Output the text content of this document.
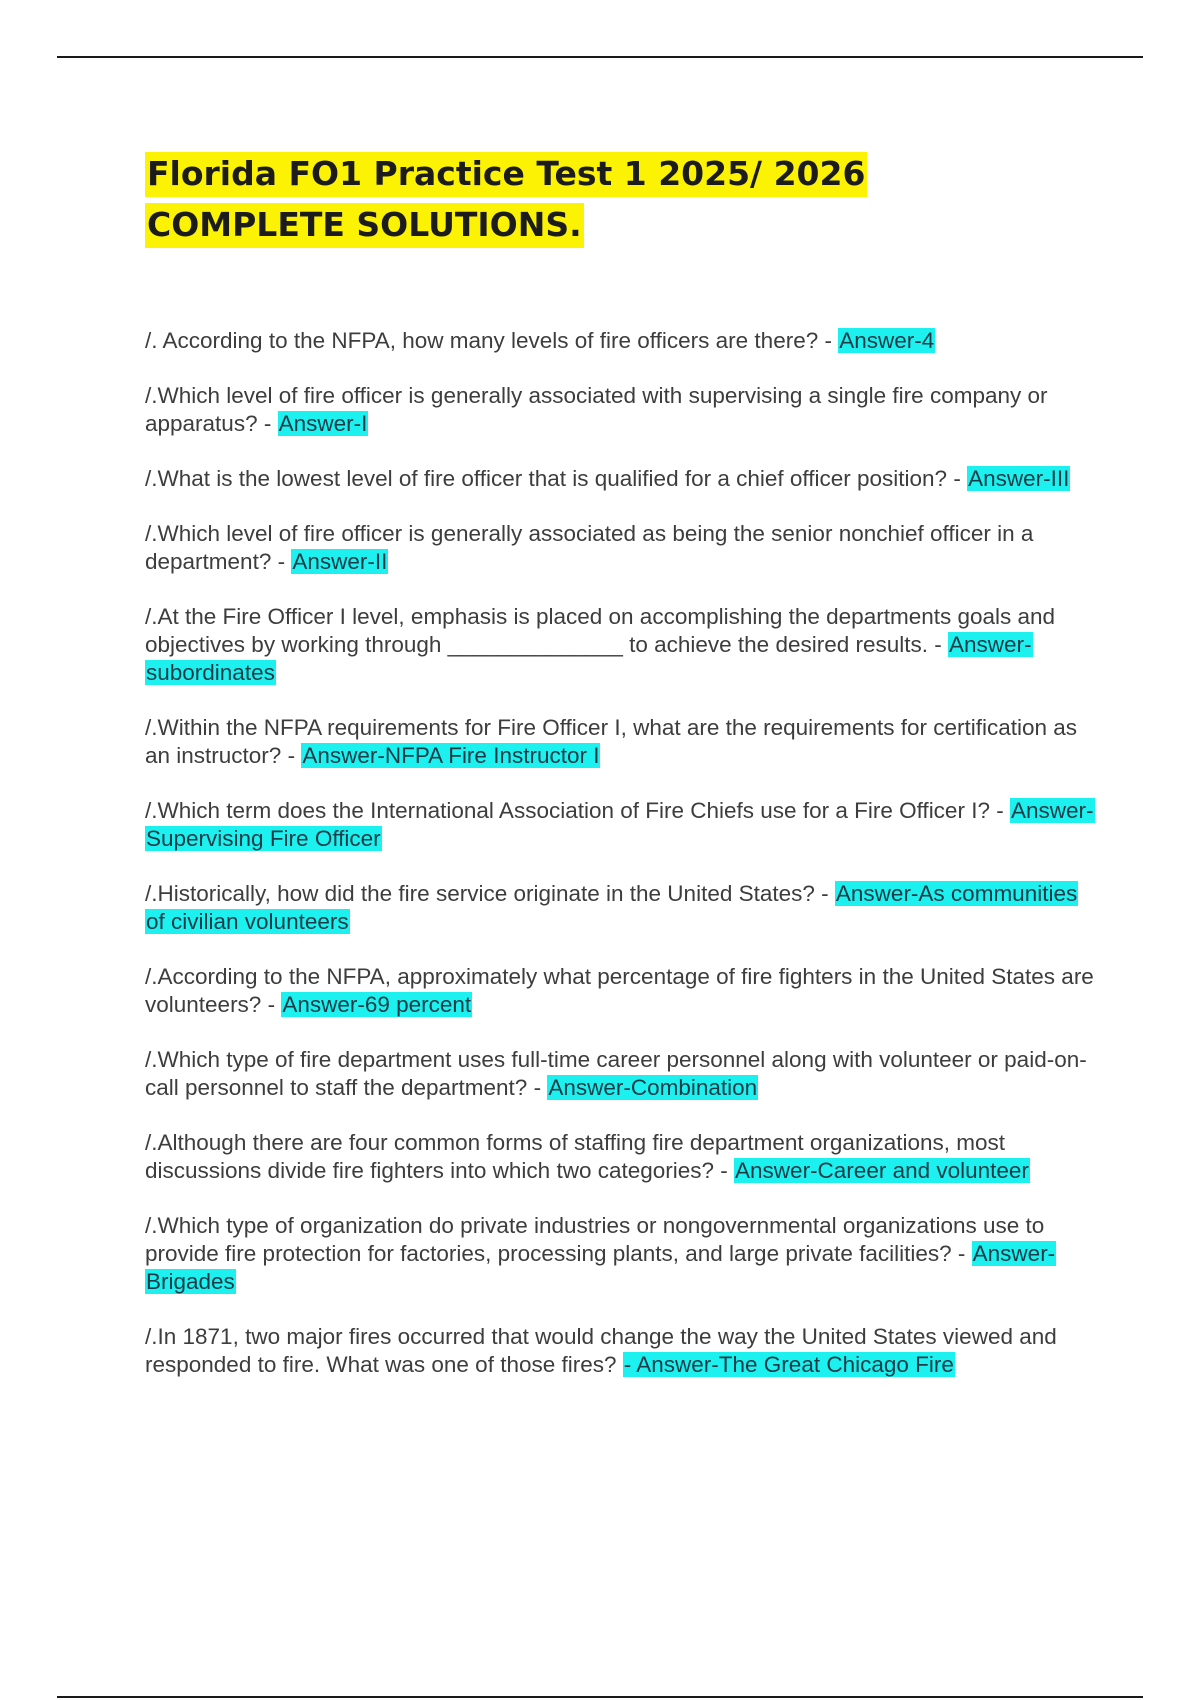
Florida FO1 Practice Test 1 2025/ 2026 COMPLETE SOLUTIONS.
/. According to the NFPA, how many levels of fire officers are there? - Answer-4
/.Which level of fire officer is generally associated with supervising a single fire company or apparatus? - Answer-I
/.What is the lowest level of fire officer that is qualified for a chief officer position? - Answer-III
/.Which level of fire officer is generally associated as being the senior nonchief officer in a department? - Answer-II
/.At the Fire Officer I level, emphasis is placed on accomplishing the departments goals and objectives by working through ______________ to achieve the desired results. - Answer-subordinates
/.Within the NFPA requirements for Fire Officer I, what are the requirements for certification as an instructor? - Answer-NFPA Fire Instructor I
/.Which term does the International Association of Fire Chiefs use for a Fire Officer I? - Answer-Supervising Fire Officer
/.Historically, how did the fire service originate in the United States? - Answer-As communities of civilian volunteers
/.According to the NFPA, approximately what percentage of fire fighters in the United States are volunteers? - Answer-69 percent
/.Which type of fire department uses full-time career personnel along with volunteer or paid-on-call personnel to staff the department? - Answer-Combination
/.Although there are four common forms of staffing fire department organizations, most discussions divide fire fighters into which two categories? - Answer-Career and volunteer
/.Which type of organization do private industries or nongovernmental organizations use to provide fire protection for factories, processing plants, and large private facilities? - Answer-Brigades
/.In 1871, two major fires occurred that would change the way the United States viewed and responded to fire. What was one of those fires? - Answer-The Great Chicago Fire
